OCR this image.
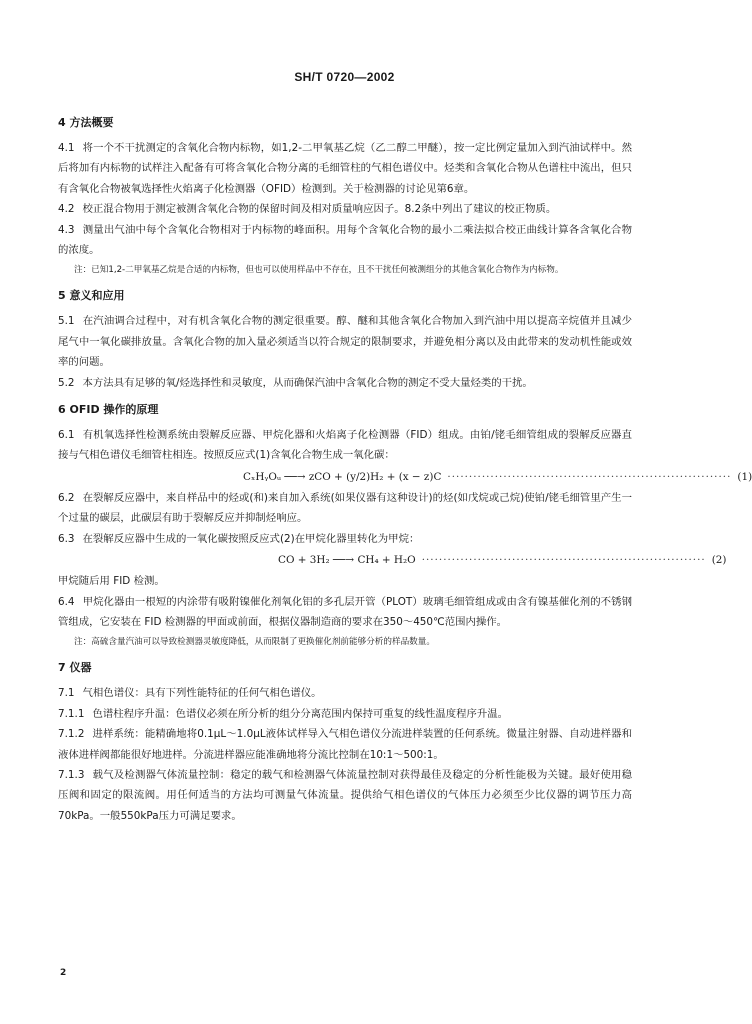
SH/T 0720—2002
4 方法概要

4.1 将一个不干扰测定的含氧化合物内标物，如1,2-二甲氧基乙烷（乙二醇二甲醚），按一定比例定量加入到汽油试样中。然后将加有内标物的试样注入配备有可将含氧化合物分离的毛细管柱的气相色谱仪中。烃类和含氧化合物从色谱柱中流出，但只有含氧化合物被氧选择性火焰离子化检测器（OFID）检测到。关于检测器的讨论见第6章。

4.2 校正混合物用于测定被测含氧化合物的保留时间及相对质量响应因子。8.2条中列出了建议的校正物质。

4.3 测量出气油中每个含氧化合物相对于内标物的峰面积。用每个含氧化合物的最小二乘法拟合校正曲线计算各含氧化合物的浓度。

注：已知1,2-二甲氧基乙烷是合适的内标物，但也可以使用样品中不存在，且不干扰任何被测组分的其他含氧化合物作为内标物。
5 意义和应用

5.1 在汽油调合过程中，对有机含氧化合物的测定很重要。醇、醚和其他含氧化合物加入到汽油中用以提高辛烷值并且减少尾气中一氧化碳排放量。含氧化合物的加入量必须适当以符合规定的限制要求，并避免相分离以及由此带来的发动机性能或效率的问题。

5.2 本方法具有足够的氧/烃选择性和灵敏度，从而确保汽油中含氧化合物的测定不受大量烃类的干扰。

6 OFID 操作的原理

6.1 有机氧选择性检测系统由裂解反应器、甲烷化器和火焰离子化检测器（FID）组成。由铂/铑毛细管组成的裂解反应器直接与气相色谱仪毛细管柱相连。按照反应式(1)含氧化合物生成一氧化碳：

CₓHᵧOᵤ ──→ zCO + (y/2)H₂ + (x − z)C ·································································· (1)

6.2 在裂解反应器中，来自样品中的烃或(和)来自加入系统(如果仪器有这种设计)的烃(如戊烷或己烷)使铂/铑毛细管里产生一个过量的碳层，此碳层有助于裂解反应并抑制烃响应。

6.3 在裂解反应器中生成的一氧化碳按照反应式(2)在甲烷化器里转化为甲烷：

CO + 3H₂ ──→ CH₄ + H₂O ·································································· (2)

甲烷随后用 FID 检测。

6.4 甲烷化器由一根短的内涂带有吸附镍催化剂氧化铝的多孔层开管（PLOT）玻璃毛细管组成或由含有镍基催化剂的不锈钢管组成，它安装在 FID 检测器的甲面或前面，根据仪器制造商的要求在350～450℃范围内操作。

注：高硫含量汽油可以导致检测器灵敏度降低，从而限制了更换催化剂前能够分析的样品数量。
7 仪器

7.1 气相色谱仪：具有下列性能特征的任何气相色谱仪。

7.1.1 色谱柱程序升温：色谱仪必须在所分析的组分分离范围内保持可重复的线性温度程序升温。

7.1.2 进样系统：能精确地将0.1μL～1.0μL液体试样导入气相色谱仪分流进样装置的任何系统。微量注射器、自动进样器和液体进样阀都能很好地进样。分流进样器应能准确地将分流比控制在10:1～500:1。

7.1.3 载气及检测器气体流量控制：稳定的载气和检测器气体流量控制对获得最佳及稳定的分析性能极为关键。最好使用稳压阀和固定的限流阀。用任何适当的方法均可测量气体流量。提供给气相色谱仪的气体压力必须至少比仪器的调节压力高70kPa。一般550kPa压力可满足要求。

2
